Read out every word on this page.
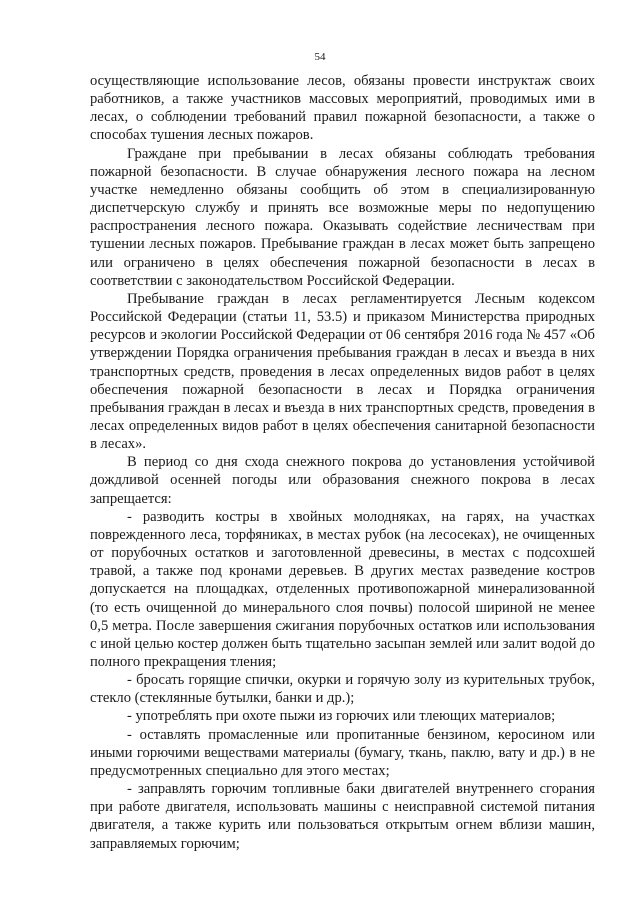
54

осуществляющие использование лесов, обязаны провести инструктаж своих работников, а также участников массовых мероприятий, проводимых ими в лесах, о соблюдении требований правил пожарной безопасности, а также о способах тушения лесных пожаров.

Граждане при пребывании в лесах обязаны соблюдать требования пожарной безопасности. В случае обнаружения лесного пожара на лесном участке немедленно обязаны сообщить об этом в специализированную диспетчерскую службу и принять все возможные меры по недопущению распространения лесного пожара. Оказывать содействие лесничествам при тушении лесных пожаров. Пребывание граждан в лесах может быть запрещено или ограничено в целях обеспечения пожарной безопасности в лесах в соответствии с законодательством Российской Федерации.

Пребывание граждан в лесах регламентируется Лесным кодексом Российской Федерации (статьи 11, 53.5) и приказом Министерства природных ресурсов и экологии Российской Федерации от 06 сентября 2016 года № 457 «Об утверждении Порядка ограничения пребывания граждан в лесах и въезда в них транспортных средств, проведения в лесах определенных видов работ в целях обеспечения пожарной безопасности в лесах и Порядка ограничения пребывания граждан в лесах и въезда в них транспортных средств, проведения в лесах определенных видов работ в целях обеспечения санитарной безопасности в лесах».

В период со дня схода снежного покрова до установления устойчивой дождливой осенней погоды или образования снежного покрова в лесах запрещается:

- разводить костры в хвойных молодняках, на гарях, на участках поврежденного леса, торфяниках, в местах рубок (на лесосеках), не очищенных от порубочных остатков и заготовленной древесины, в местах с подсохшей травой, а также под кронами деревьев. В других местах разведение костров допускается на площадках, отделенных противопожарной минерализованной (то есть очищенной до минерального слоя почвы) полосой шириной не менее 0,5 метра. После завершения сжигания порубочных остатков или использования с иной целью костер должен быть тщательно засыпан землей или залит водой до полного прекращения тления;

- бросать горящие спички, окурки и горячую золу из курительных трубок, стекло (стеклянные бутылки, банки и др.);

- употреблять при охоте пыжи из горючих или тлеющих материалов;

- оставлять промасленные или пропитанные бензином, керосином или иными горючими веществами материалы (бумагу, ткань, паклю, вату и др.) в не предусмотренных специально для этого местах;

- заправлять горючим топливные баки двигателей внутреннего сгорания при работе двигателя, использовать машины с неисправной системой питания двигателя, а также курить или пользоваться открытым огнем вблизи машин, заправляемых горючим;
